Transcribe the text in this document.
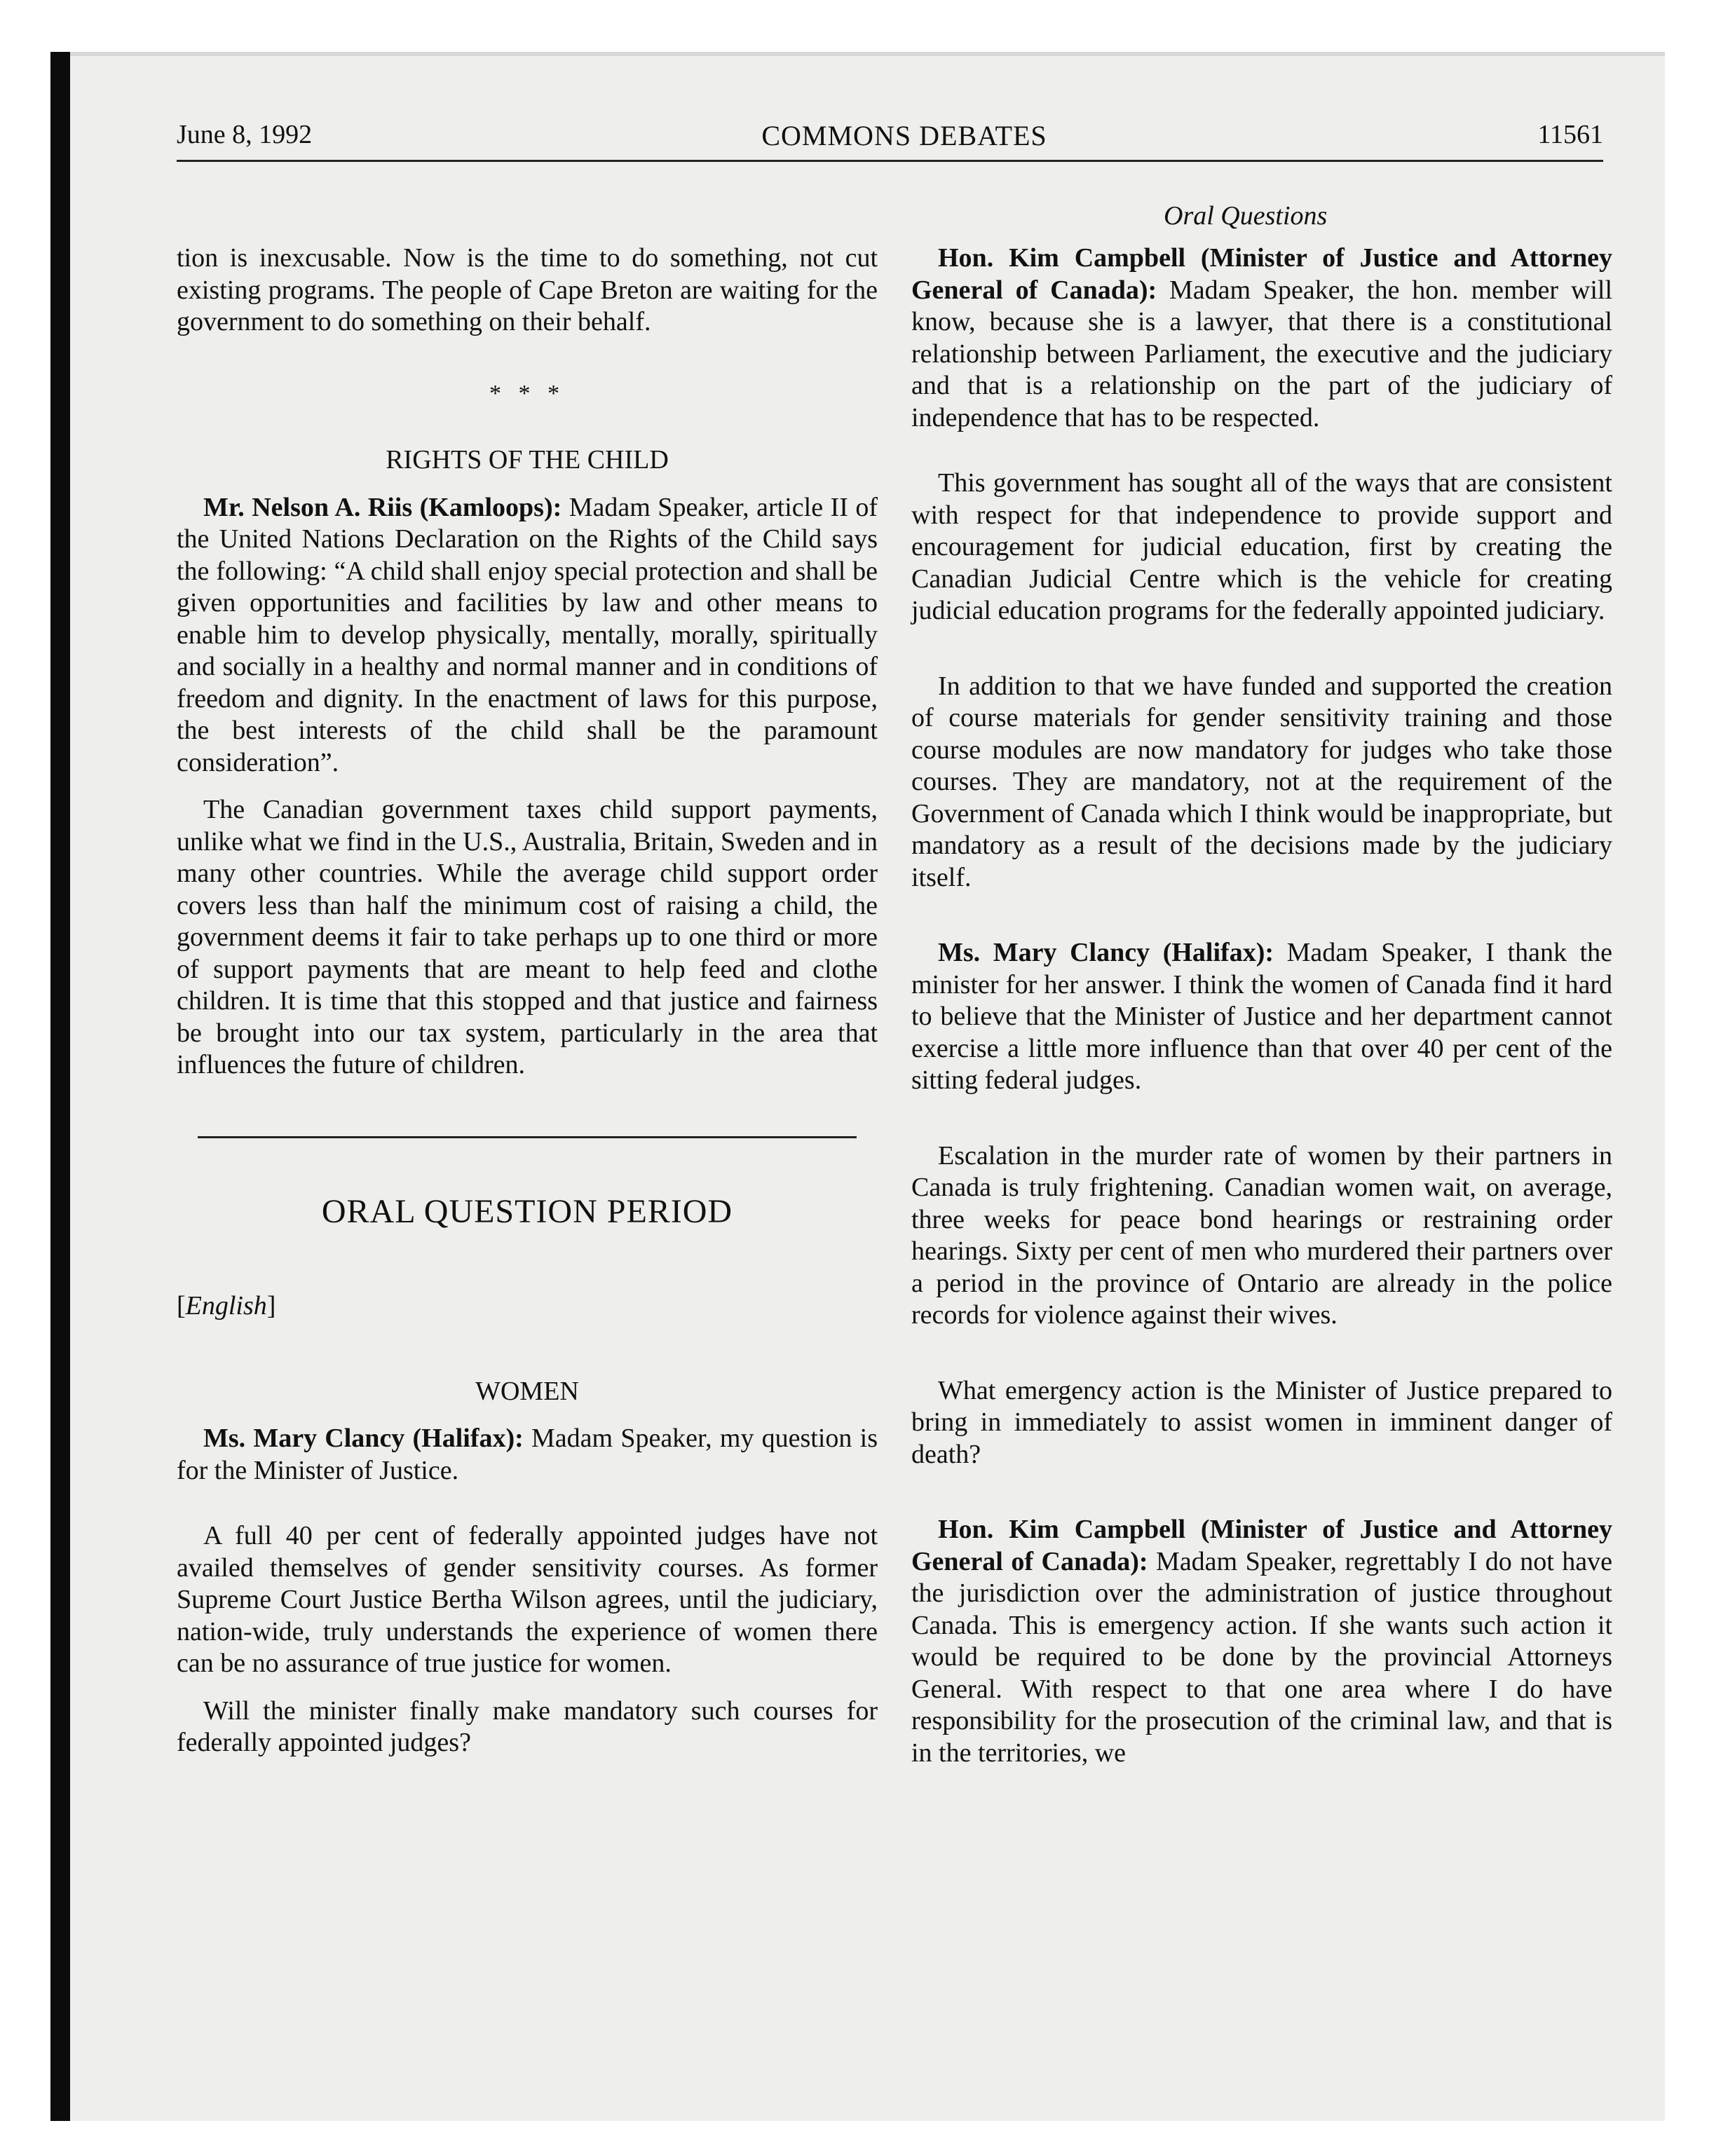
June 8, 1992	COMMONS DEBATES	11561
Oral Questions

tion is inexcusable. Now is the time to do something, not cut existing programs. The people of Cape Breton are waiting for the government to do something on their behalf.

* * *
RIGHTS OF THE CHILD

Mr. Nelson A. Riis (Kamloops): Madam Speaker, article II of the United Nations Declaration on the Rights of the Child says the following: “A child shall enjoy special protection and shall be given opportunities and facilities by law and other means to enable him to develop physically, mentally, morally, spiritually and socially in a healthy and normal manner and in conditions of freedom and dignity. In the enactment of laws for this purpose, the best interests of the child shall be the paramount consideration”.

The Canadian government taxes child support payments, unlike what we find in the U.S., Australia, Britain, Sweden and in many other countries. While the average child support order covers less than half the minimum cost of raising a child, the government deems it fair to take perhaps up to one third or more of support payments that are meant to help feed and clothe children. It is time that this stopped and that justice and fairness be brought into our tax system, particularly in the area that influences the future of children.

ORAL QUESTION PERIOD
[English]
WOMEN

Ms. Mary Clancy (Halifax): Madam Speaker, my question is for the Minister of Justice.

A full 40 per cent of federally appointed judges have not availed themselves of gender sensitivity courses. As former Supreme Court Justice Bertha Wilson agrees, until the judiciary, nation-wide, truly understands the experience of women there can be no assurance of true justice for women.

Will the minister finally make mandatory such courses for federally appointed judges?

Hon. Kim Campbell (Minister of Justice and Attorney General of Canada): Madam Speaker, the hon. member will know, because she is a lawyer, that there is a constitutional relationship between Parliament, the executive and the judiciary and that is a relationship on the part of the judiciary of independence that has to be respected.

This government has sought all of the ways that are consistent with respect for that independence to provide support and encouragement for judicial education, first by creating the Canadian Judicial Centre which is the vehicle for creating judicial education programs for the federally appointed judiciary.

In addition to that we have funded and supported the creation of course materials for gender sensitivity training and those course modules are now mandatory for judges who take those courses. They are mandatory, not at the requirement of the Government of Canada which I think would be inappropriate, but mandatory as a result of the decisions made by the judiciary itself.

Ms. Mary Clancy (Halifax): Madam Speaker, I thank the minister for her answer. I think the women of Canada find it hard to believe that the Minister of Justice and her department cannot exercise a little more influence than that over 40 per cent of the sitting federal judges.

Escalation in the murder rate of women by their partners in Canada is truly frightening. Canadian women wait, on average, three weeks for peace bond hearings or restraining order hearings. Sixty per cent of men who murdered their partners over a period in the province of Ontario are already in the police records for violence against their wives.

What emergency action is the Minister of Justice prepared to bring in immediately to assist women in imminent danger of death?

Hon. Kim Campbell (Minister of Justice and Attorney General of Canada): Madam Speaker, regrettably I do not have the jurisdiction over the administration of justice throughout Canada. This is emergency action. If she wants such action it would be required to be done by the provincial Attorneys General. With respect to that one area where I do have responsibility for the prosecution of the criminal law, and that is in the territories, we
